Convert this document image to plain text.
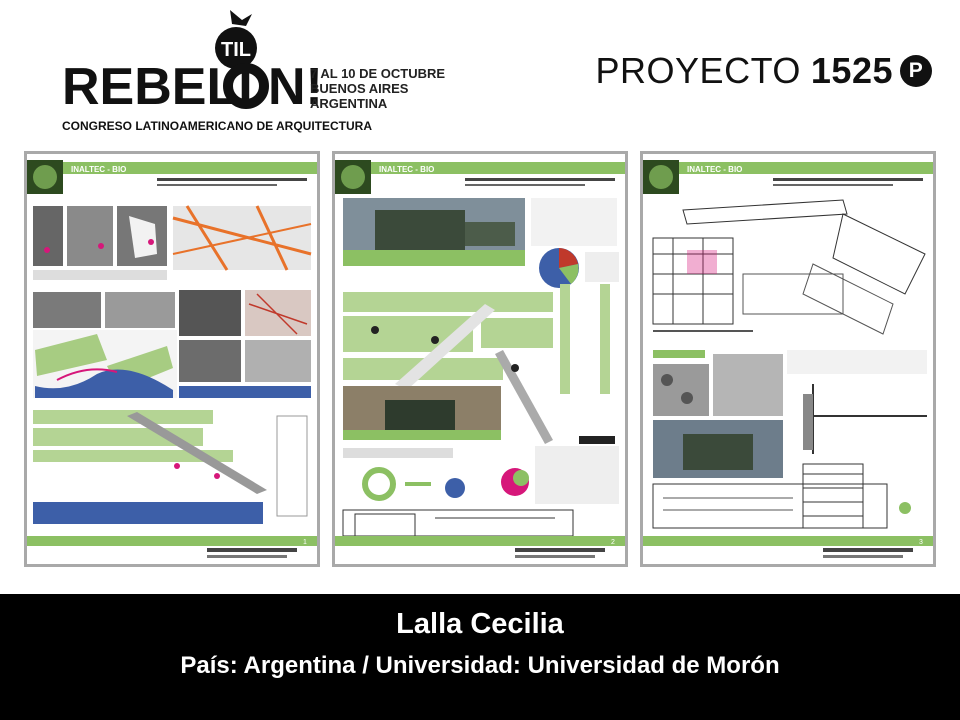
TIL
REBELI N!
7 AL 10 DE OCTUBRE
BUENOS AIRES
ARGENTINA
CONGRESO LATINOAMERICANO DE ARQUITECTURA
PROYECTO 1525 P
INALTEC - BIO
1
INALTEC - BIO
2
INALTEC - BIO
3
Lalla Cecilia
País: Argentina / Universidad: Universidad de Morón
